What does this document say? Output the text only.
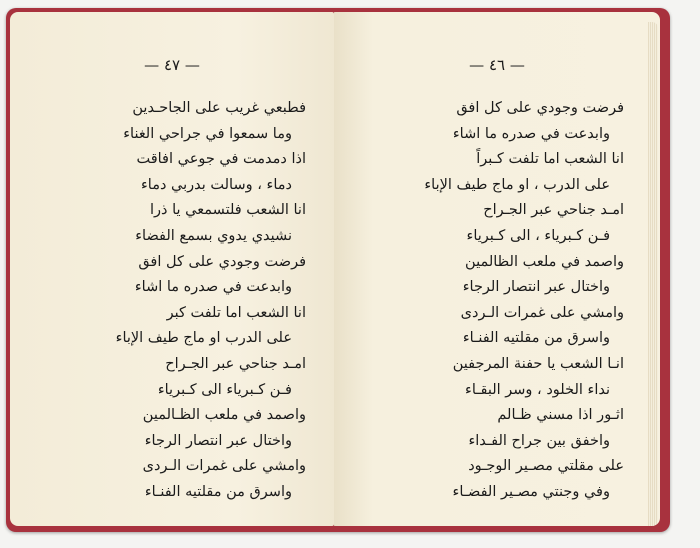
— ٤٧ —
فطبعي غريب على الجاحـدين
وما سمعوا في جراحي الغناء
اذا دمدمت في جوعي افاقت
دماء ، وسالت بدربي دماء
انا الشعب فلتسمعي يا ذرا
نشيدي يدوي بسمع الفضاء
فرضت وجودي على كل افق
وابدعت في صدره ما اشاء
انا الشعب اما تلفت كبر
على الدرب او ماج طيف الإباء
امـد جناحي عبر الجـراح
فـن كـبرياء الى كـبرياء
واصمد في ملعب الظـالمين
واختال عبر انتصار الرجاء
وامشي على غمرات الـردى
واسرق من مقلتيه الفنـاء
— ٤٦ —
فرضت وجودي على كل افق
وابدعت في صدره ما اشاء
انا الشعب اما تلفت كـبراً
على الدرب ، او ماج طيف الإباء
امـد جناحي عبر الجـراح
فـن كـبرياء ، الى كـبرياء
واصمد في ملعب الظالمين
واختال عبر انتصار الرجاء
وامشي على غمرات الـردى
واسرق من مقلتيه الفنـاء
انـا الشعب يا حفنة المرجفين
نداء الخلود ، وسر البقـاء
اثـور اذا مسني ظـالم
واخفق بين جراح الفـداء
على مقلتي مصـير الوجـود
وفي وجنتي مصـير الفضـاء
